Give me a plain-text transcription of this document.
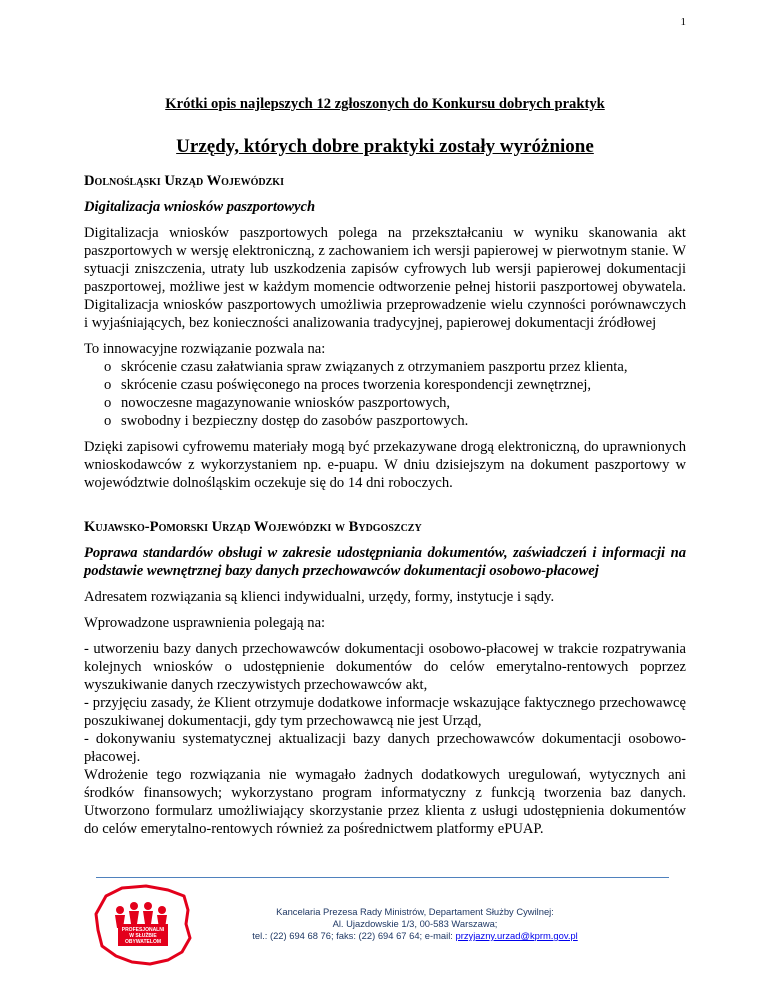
1

Krótki opis najlepszych 12 zgłoszonych do Konkursu dobrych praktyk

Urzędy, których dobre praktyki zostały wyróżnione

Dolnośląski Urząd Wojewódzki

Digitalizacja wniosków paszportowych

Digitalizacja wniosków paszportowych polega na przekształcaniu w wyniku skanowania akt paszportowych w wersję elektroniczną, z zachowaniem ich wersji papierowej w pierwotnym stanie. W sytuacji zniszczenia, utraty lub uszkodzenia zapisów cyfrowych lub wersji papierowej dokumentacji paszportowej, możliwe jest w każdym momencie odtworzenie pełnej historii paszportowej obywatela. Digitalizacja wniosków paszportowych umożliwia przeprowadzenie wielu czynności porównawczych i wyjaśniających, bez konieczności analizowania tradycyjnej, papierowej dokumentacji źródłowej

To innowacyjne rozwiązanie pozwala na:

o skrócenie czasu załatwiania spraw związanych z otrzymaniem paszportu przez klienta,
o skrócenie czasu poświęconego na proces tworzenia korespondencji zewnętrznej,
o nowoczesne magazynowanie wniosków paszportowych,
o swobodny i bezpieczny dostęp do zasobów paszportowych.

Dzięki zapisowi cyfrowemu materiały mogą być przekazywane drogą elektroniczną, do uprawnionych wnioskodawców z wykorzystaniem np. e-puapu. W dniu dzisiejszym na dokument paszportowy w województwie dolnośląskim oczekuje się do 14 dni roboczych.

Kujawsko-Pomorski Urząd Wojewódzki w Bydgoszczy

Poprawa standardów obsługi w zakresie udostępniania dokumentów, zaświadczeń i informacji na podstawie wewnętrznej bazy danych przechowawców dokumentacji osobowo-płacowej

Adresatem rozwiązania są klienci indywidualni, urzędy, formy, instytucje i sądy.

Wprowadzone usprawnienia polegają na:

- utworzeniu bazy danych przechowawców dokumentacji osobowo-płacowej w trakcie rozpatrywania kolejnych wniosków o udostępnienie dokumentów do celów emerytalno-rentowych poprzez wyszukiwanie danych rzeczywistych przechowawców akt,

- przyjęciu zasady, że Klient otrzymuje dodatkowe informacje wskazujące faktycznego przechowawcę poszukiwanej dokumentacji, gdy tym przechowawcą nie jest Urząd,

- dokonywaniu systematycznej aktualizacji bazy danych przechowawców dokumentacji osobowo-płacowej.

Wdrożenie tego rozwiązania nie wymagało żadnych dodatkowych uregulowań, wytycznych ani środków finansowych; wykorzystano program informatyczny z funkcją tworzenia baz danych. Utworzono formularz umożliwiający skorzystanie przez klienta z usługi udostępnienia dokumentów do celów emerytalno-rentowych również za pośrednictwem platformy ePUAP.

PROFESJONALNI
W SŁUŻBIE
OBYWATELOM
Kancelaria Prezesa Rady Ministrów, Departament Służby Cywilnej:
Al. Ujazdowskie 1/3, 00-583 Warszawa;
tel.: (22) 694 68 76; faks: (22) 694 67 64; e-mail: przyjazny.urzad@kprm.gov.pl
